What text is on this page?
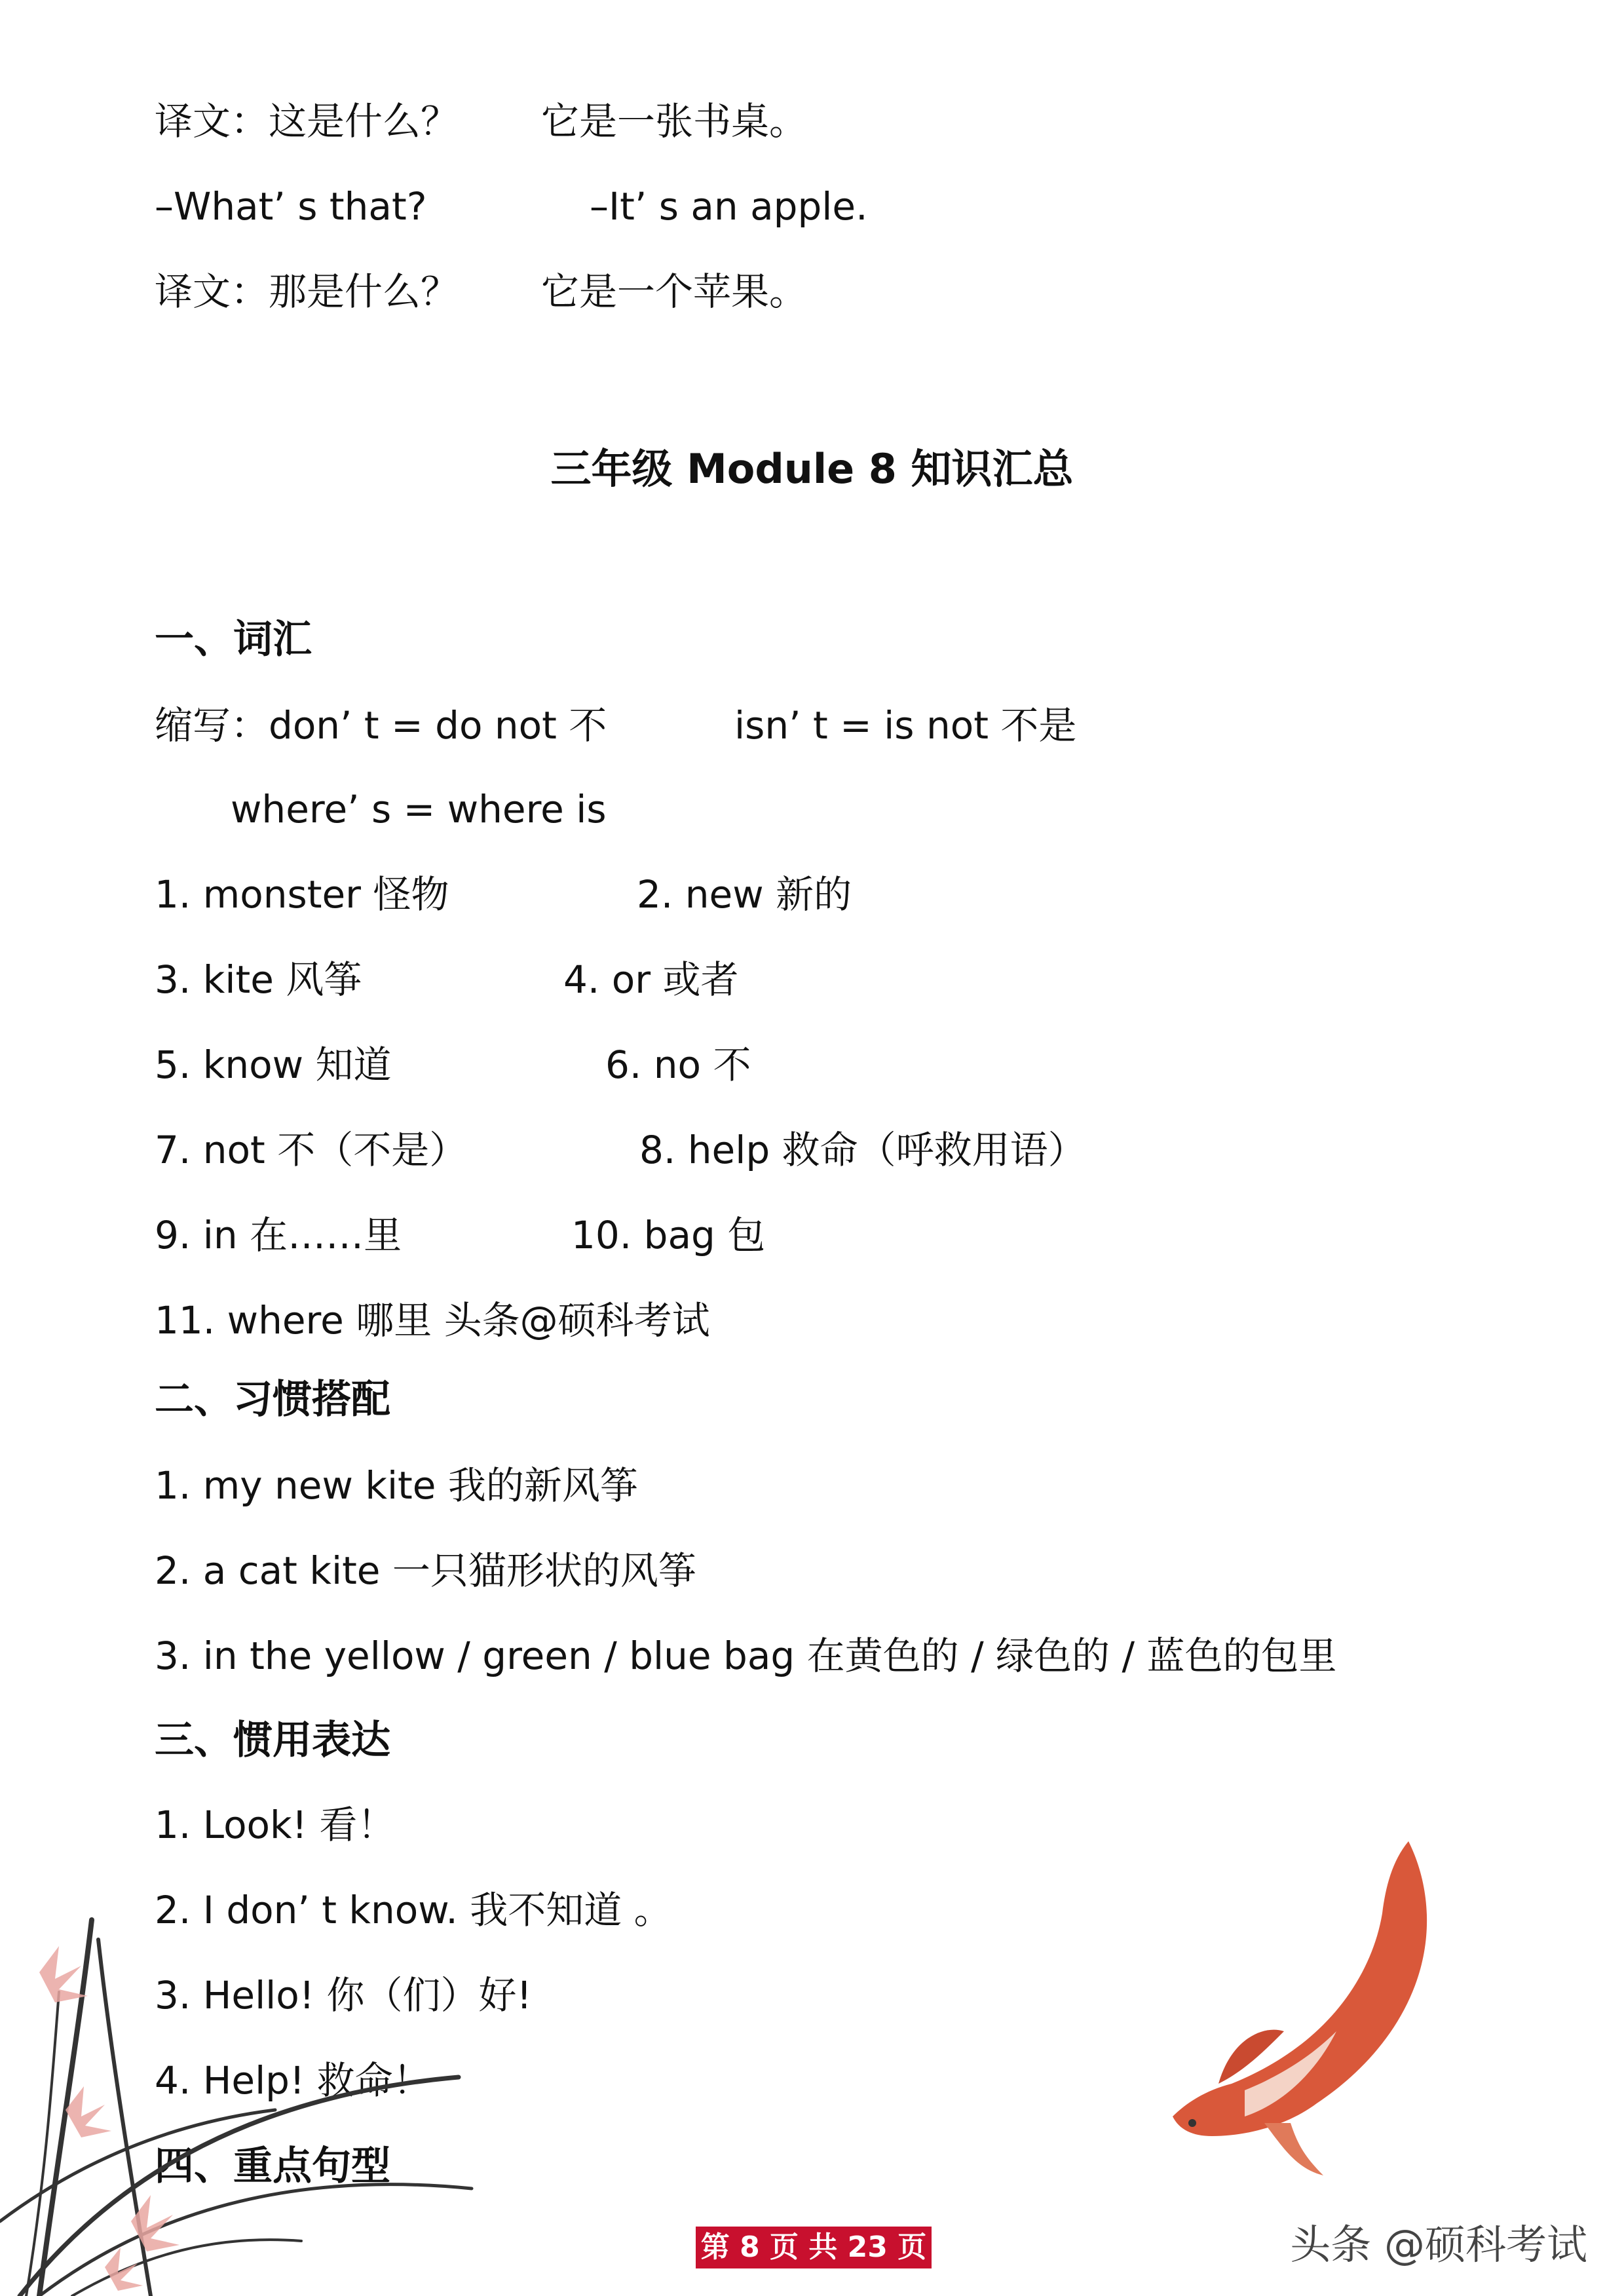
译文：这是什么？ 它是一张书桌。
–What’ s that?	–It’ s an apple.
译文：那是什么？ 它是一个苹果。
三年级 Module 8 知识汇总
一、词汇
缩写：don’ t = do not 不	isn’ t = is not 不是
where’ s = where is
1. monster 怪物	2. new 新的
3. kite 风筝	4. or 或者
5. know 知道	6. no 不
7. not 不（不是）	8. help 救命（呼救用语）
9. in 在……里	10. bag 包
11. where 哪里 头条@硕科考试
二、习惯搭配
1. my new kite 我的新风筝
2. a cat kite 一只猫形状的风筝
3. in the yellow / green / blue bag 在黄色的 / 绿色的 / 蓝色的包里
三、惯用表达
1. Look! 看！
2. I don’ t know. 我不知道 。
3. Hello! 你（们）好!
4. Help! 救命！
四、重点句型
第 8 页 共 23 页	头条 @硕科考试
